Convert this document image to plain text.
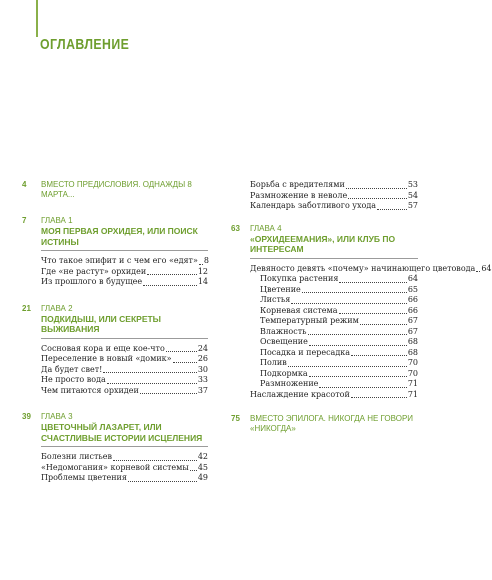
ОГЛАВЛЕНИЕ
4 ВМЕСТО ПРЕДИСЛОВИЯ. ОДНАЖДЫ 8 МАРТА...
7 ГЛАВА 1
МОЯ ПЕРВАЯ ОРХИДЕЯ, ИЛИ ПОИСК ИСТИНЫ
Что такое эпифит и с чем его «едят» 8
Где «не растут» орхидеи	12
Из прошлого в будущее	14
21 ГЛАВА 2
ПОДКИДЫШ, ИЛИ СЕКРЕТЫ ВЫЖИВАНИЯ
Сосновая кора и еще кое-что	24
Переселение в новый «домик»	26
Да будет свет!	30
Не просто вода	33
Чем питаются орхидеи	37
39 ГЛАВА 3
ЦВЕТОЧНЫЙ ЛАЗАРЕТ, ИЛИ СЧАСТЛИВЫЕ ИСТОРИИ ИСЦЕЛЕНИЯ
Болезни листьев	42
«Недомогания» корневой системы 45
Проблемы цветения	49
Борьба с вредителями	53
Размножение в неволе	54
Календарь заботливого ухода	57
63 ГЛАВА 4
«ОРХИДЕЕМАНИЯ», ИЛИ КЛУБ ПО ИНТЕРЕСАМ
Девяносто девять «почему» начинающего цветовода 64
Покупка растения	64
Цветение	65
Листья	66
Корневая система	66
Температурный режим	67
Влажность	67
Освещение	68
Посадка и пересадка	68
Полив	70
Подкормка	70
Размножение	71
Наслаждение красотой	71
75 ВМЕСТО ЭПИЛОГА. НИКОГДА НЕ ГОВОРИ «НИКОГДА»
